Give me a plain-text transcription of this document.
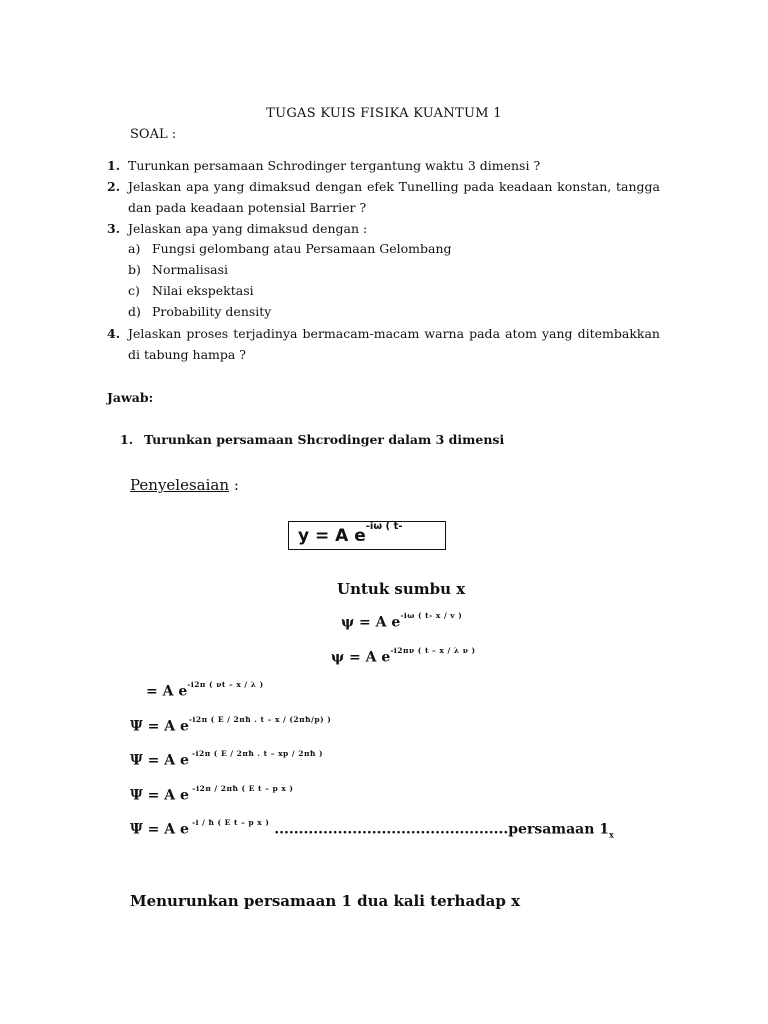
TUGAS KUIS FISIKA KUANTUM 1
SOAL :
1. Turunkan persamaan Schrodinger tergantung waktu 3 dimensi ?
2. Jelaskan apa yang dimaksud dengan efek Tunelling pada keadaan konstan, tangga dan pada keadaan potensial Barrier ?
3. Jelaskan apa yang dimaksud dengan :
a) Fungsi gelombang atau Persamaan Gelombang
b) Normalisasi
c) Nilai ekspektasi
d) Probability density
4. Jelaskan proses terjadinya bermacam-macam warna pada atom yang ditembakkan di tabung hampa ?
Jawab:
1. Turunkan persamaan Shcrodinger dalam 3 dimensi
Penyelesaian :
y = A $e^{-i\omega ( t-}$
Untuk sumbu x
ψ = A $e^{-i\omega ( t- x / v )}$
ψ = A $e^{-i2\pi\nu ( t - x / \lambda \nu )}$
= A $e^{-i2\pi ( \nu t - x / \lambda )}$
Ψ = A $e^{-i2\pi ( E / 2\pi ħ . t - x / (2\pi ħ/p) )}$
Ψ = A e $^{-i2\pi ( E / 2\pi ħ . t - xp / 2\pi ħ )}$
Ψ = A e $^{-i2\pi / 2\pi ħ ( E t - p x )}$
Ψ = A e $^{-i / ħ ( E t - p x )}$ ................................................persamaan $1_x$
Menurunkan persamaan 1 dua kali terhadap x
